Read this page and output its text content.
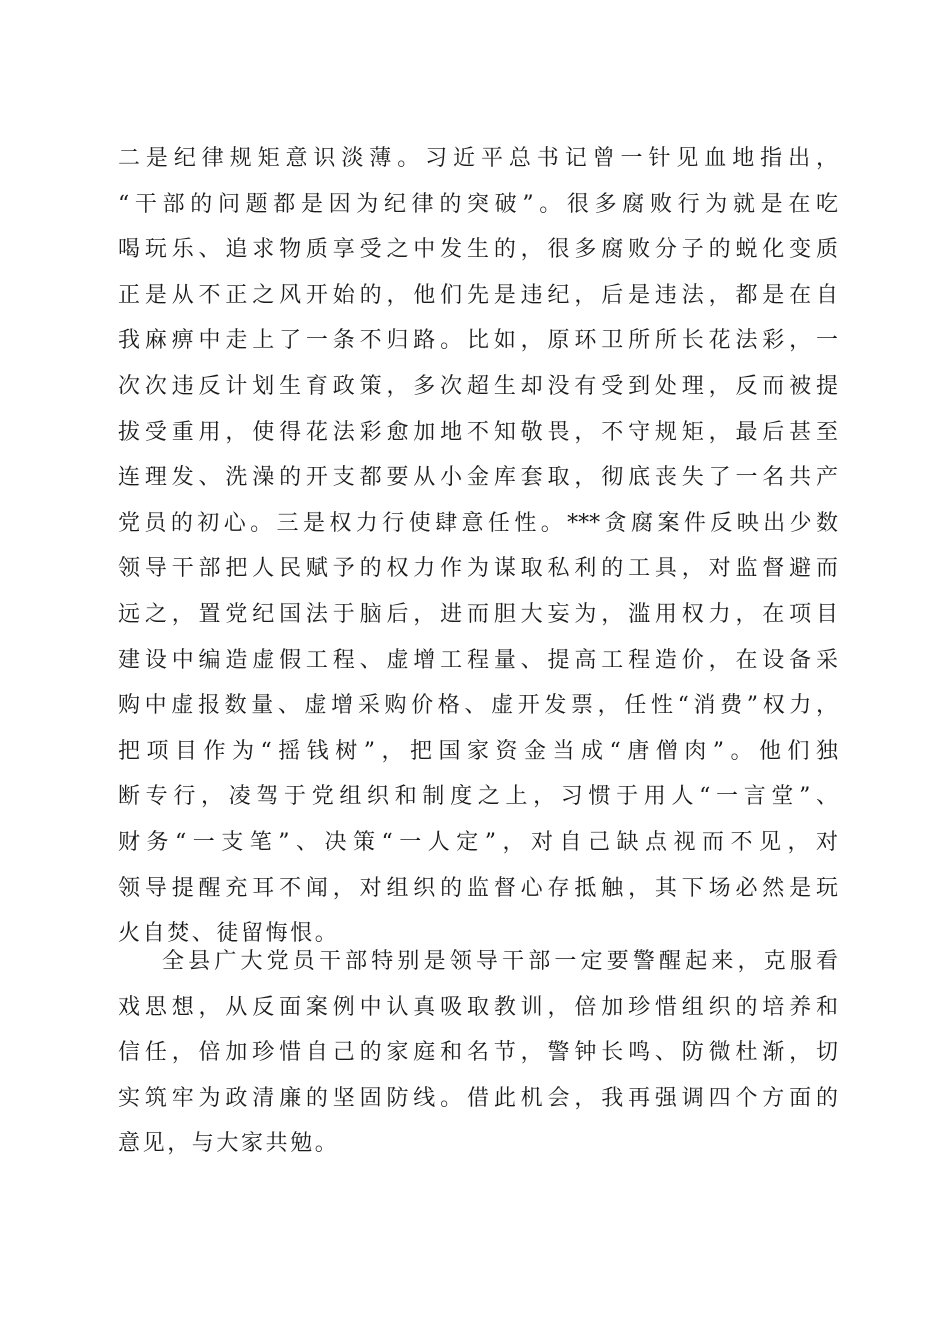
二是纪律规矩意识淡薄。习近平总书记曾一针见血地指出，
“干部的问题都是因为纪律的突破”。很多腐败行为就是在吃
喝玩乐、追求物质享受之中发生的，很多腐败分子的蜕化变质
正是从不正之风开始的，他们先是违纪，后是违法，都是在自
我麻痹中走上了一条不归路。比如，原环卫所所长花法彩，一
次次违反计划生育政策，多次超生却没有受到处理，反而被提
拔受重用，使得花法彩愈加地不知敬畏，不守规矩，最后甚至
连理发、洗澡的开支都要从小金库套取，彻底丧失了一名共产
党员的初心。三是权力行使肆意任性。***贪腐案件反映出少数
领导干部把人民赋予的权力作为谋取私利的工具，对监督避而
远之，置党纪国法于脑后，进而胆大妄为，滥用权力，在项目
建设中编造虚假工程、虚增工程量、提高工程造价，在设备采
购中虚报数量、虚增采购价格、虚开发票，任性“消费”权力，
把项目作为“摇钱树”，把国家资金当成“唐僧肉”。他们独
断专行，凌驾于党组织和制度之上，习惯于用人“一言堂”、
财务“一支笔”、决策“一人定”，对自己缺点视而不见，对
领导提醒充耳不闻，对组织的监督心存抵触，其下场必然是玩
火自焚、徒留悔恨。
全县广大党员干部特别是领导干部一定要警醒起来，克服看
戏思想，从反面案例中认真吸取教训，倍加珍惜组织的培养和
信任，倍加珍惜自己的家庭和名节，警钟长鸣、防微杜渐，切
实筑牢为政清廉的坚固防线。借此机会，我再强调四个方面的
意见，与大家共勉。
